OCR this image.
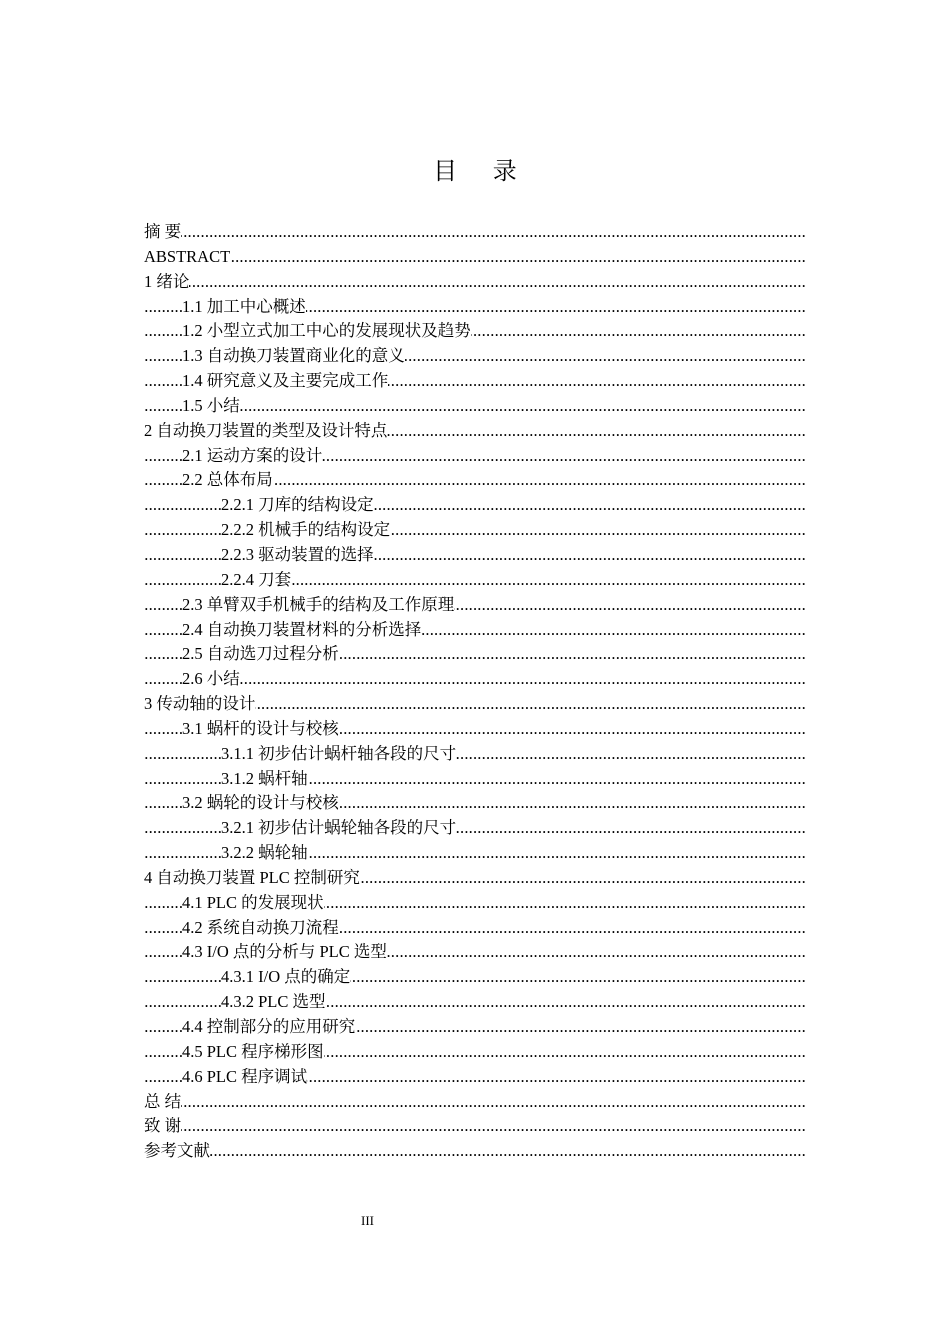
目 录
摘 要 .....
ABSTRACT .....
1 绪论 .....
1.1 加工中心概述 .....
1.2 小型立式加工中心的发展现状及趋势 .....
1.3 自动换刀装置商业化的意义 .....
1.4 研究意义及主要完成工作 .....
1.5 小结 .....
2 自动换刀装置的类型及设计特点 .....
2.1 运动方案的设计 .....
2.2 总体布局 .....
2.2.1 刀库的结构设定 .....
2.2.2 机械手的结构设定 .....
2.2.3 驱动装置的选择 .....
2.2.4 刀套 .....
2.3 单臂双手机械手的结构及工作原理 .....
2.4 自动换刀装置材料的分析选择 .....
2.5 自动选刀过程分析 .....
2.6 小结 .....
3 传动轴的设计 .....
3.1 蜗杆的设计与校核 .....
3.1.1 初步估计蜗杆轴各段的尺寸 .....
3.1.2 蜗杆轴 .....
3.2 蜗轮的设计与校核 .....
3.2.1 初步估计蜗轮轴各段的尺寸 .....
3.2.2 蜗轮轴 .....
4 自动换刀装置 PLC 控制研究 .....
4.1 PLC 的发展现状 .....
4.2 系统自动换刀流程 .....
4.3 I/O 点的分析与 PLC 选型 .....
4.3.1 I/O 点的确定 .....
4.3.2 PLC 选型 .....
4.4 控制部分的应用研究 .....
4.5 PLC 程序梯形图 .....
4.6 PLC 程序调试 .....
总 结 .....
致 谢 .....
参考文献 .....
III
